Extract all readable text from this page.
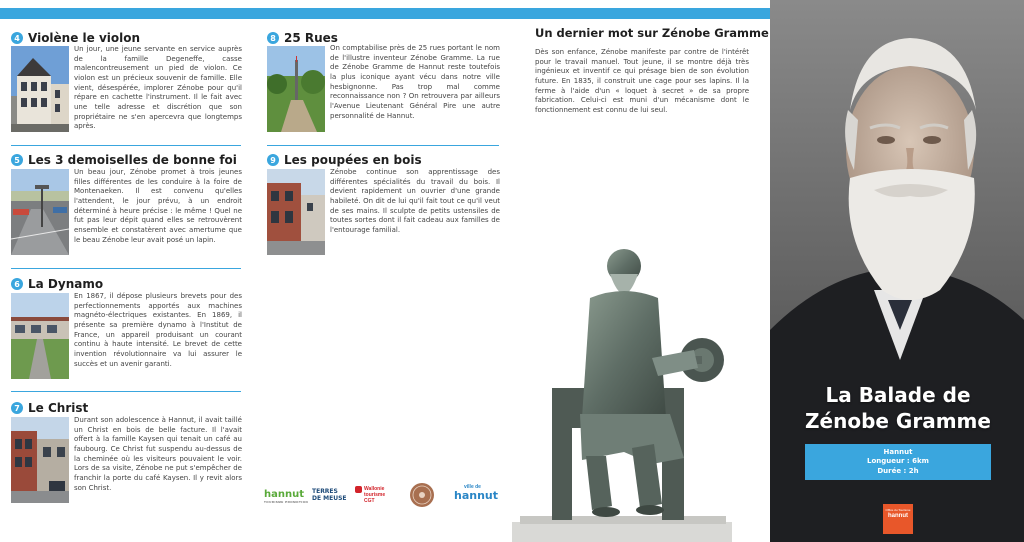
4 Violène le violon
Un jour, une jeune servante en service auprès de la famille Degeneffe, casse malencontreusement un pied de violon. Ce violon est un précieux souvenir de famille. Elle vient, désespérée, implorer Zénobe pour qu'il répare en cachette l'instrument. Il le fait avec une telle adresse et discrétion que son propriétaire ne s'en apercevra que longtemps après.
5 Les 3 demoiselles de bonne foi
Un beau jour, Zénobe promet à trois jeunes filles différentes de les conduire à la foire de Montenaeken. Il est convenu qu'elles l'attendent, le jour prévu, à un endroit déterminé à heure précise : le même ! Quel ne fut pas leur dépit quand elles se retrouvèrent ensemble et constatèrent avec amertume que le beau Zénobe leur avait posé un lapin.
6 La Dynamo
En 1867, il dépose plusieurs brevets pour des perfectionnements apportés aux machines magnéto-électriques existantes. En 1869, il présente sa première dynamo à l'Institut de France, un appareil produisant un courant continu à haute intensité. Le brevet de cette invention révolutionnaire va lui assurer le succès et un avenir garanti.
7 Le Christ
Durant son adolescence à Hannut, il avait taillé un Christ en bois de belle facture. Il l'avait offert à la famille Kaysen qui tenait un café au faubourg. Ce Christ fut suspendu au-dessus de la cheminée où les visiteurs pouvaient le voir. Lors de sa visite, Zénobe ne put s'empêcher de franchir la porte du café Kaysen. Il y revit alors son Christ.
8 25 Rues
On comptabilise près de 25 rues portant le nom de l'illustre inventeur Zénobe Gramme. La rue de Zénobe Gramme de Hannut reste toutefois la plus iconique ayant vécu dans notre ville hesbignonne. Pas trop mal comme reconnaissance non ? On retrouvera par ailleurs l'Avenue Lieutenant Général Pire une autre personnalité de Hannut.
9 Les poupées en bois
Zénobe continue son apprentissage des différentes spécialités du travail du bois. Il devient rapidement un ouvrier d'une grande habileté. On dit de lui qu'il fait tout ce qu'il veut de ses mains. Il sculpte de petits ustensiles de toutes sortes dont il fait cadeau aux familles de l'entourage familial.
Un dernier mot sur Zénobe Gramme
Dès son enfance, Zénobe manifeste par contre de l'intérêt pour le travail manuel. Tout jeune, il se montre déjà très ingénieux et inventif ce qui présage bien de son évolution future. En 1835, il construit une cage pour ses lapins. Il la ferme à l'aide d'un « loquet à secret » de sa propre fabrication. Celui-ci est muni d'un mécanisme dont le fonctionnement est connu de lui seul.
hannut
TOURISME PROMOTION
TERRES
DE MEUSE
Wallonie
tourisme
CGT
ville de
hannut
La Balade de
Zénobe Gramme
Hannut
Longueur : 6km
Durée : 2h
Office du Tourisme
hannut
